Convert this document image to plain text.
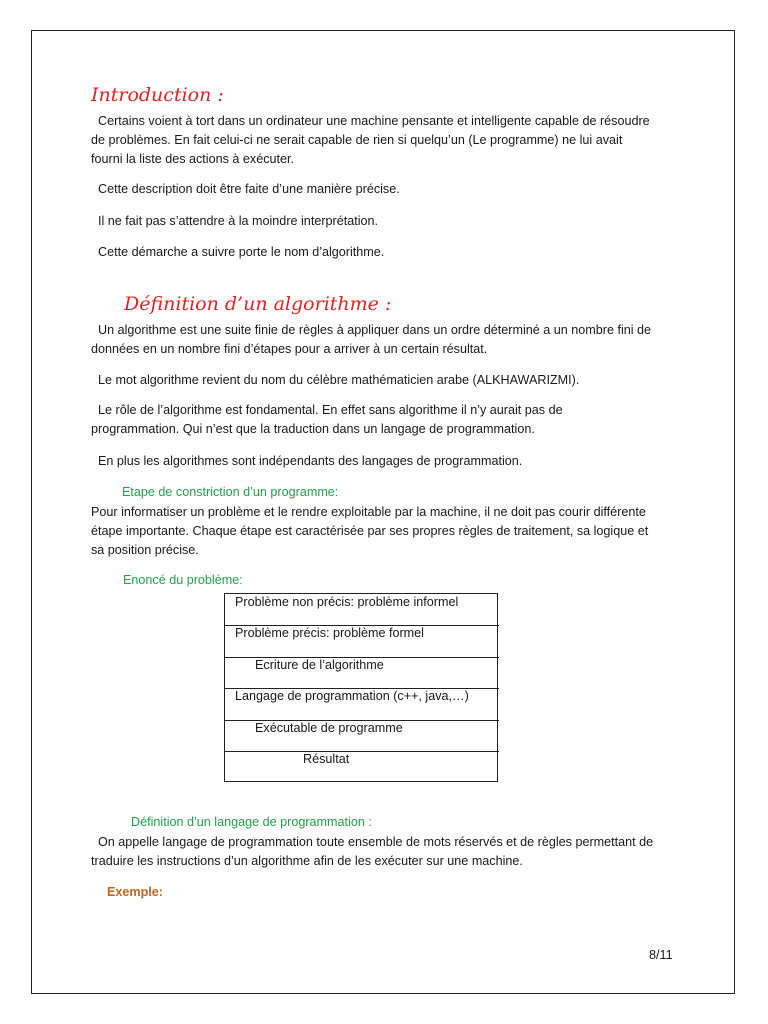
Introduction :
Certains voient à tort dans un ordinateur une machine pensante et intelligente capable de résoudre
de problèmes. En fait celui-ci ne serait capable de rien si quelqu’un (Le programme) ne lui avait
fourni la liste des actions à exécuter.
Cette description doit être faite d’une manière précise.
Il ne fait pas s’attendre à la moindre interprétation.
Cette démarche a suivre porte le nom d’algorithme.
Définition d’un algorithme :
Un algorithme est une suite finie de règles à appliquer dans un ordre déterminé a un nombre fini de
données en un nombre fini d’étapes pour a arriver à un certain résultat.
Le mot algorithme revient du nom du célèbre mathématicien arabe (ALKHAWARIZMI).
Le rôle de l’algorithme est fondamental. En effet sans algorithme il n’y aurait pas de
programmation. Qui n’est que la traduction dans un langage de programmation.
En plus les algorithmes sont indépendants des langages de programmation.
Etape de constriction d’un programme:
Pour informatiser un problème et le rendre exploitable par la machine, il ne doit pas courir différente
étape importante. Chaque étape est caractérisée par ses propres règles de traitement, sa logique et
sa position précise.
Enoncé du problème:
Problème non précis: problème informel
Problème précis: problème formel
Ecriture de l’algorithme
Langage de programmation (c++, java,…)
Exécutable de programme
Résultat
Définition d’un langage de programmation :
On appelle langage de programmation toute ensemble de mots réservés et de règles permettant de
traduire les instructions d’un algorithme afin de les exécuter sur une machine.
Exemple:
8/11
